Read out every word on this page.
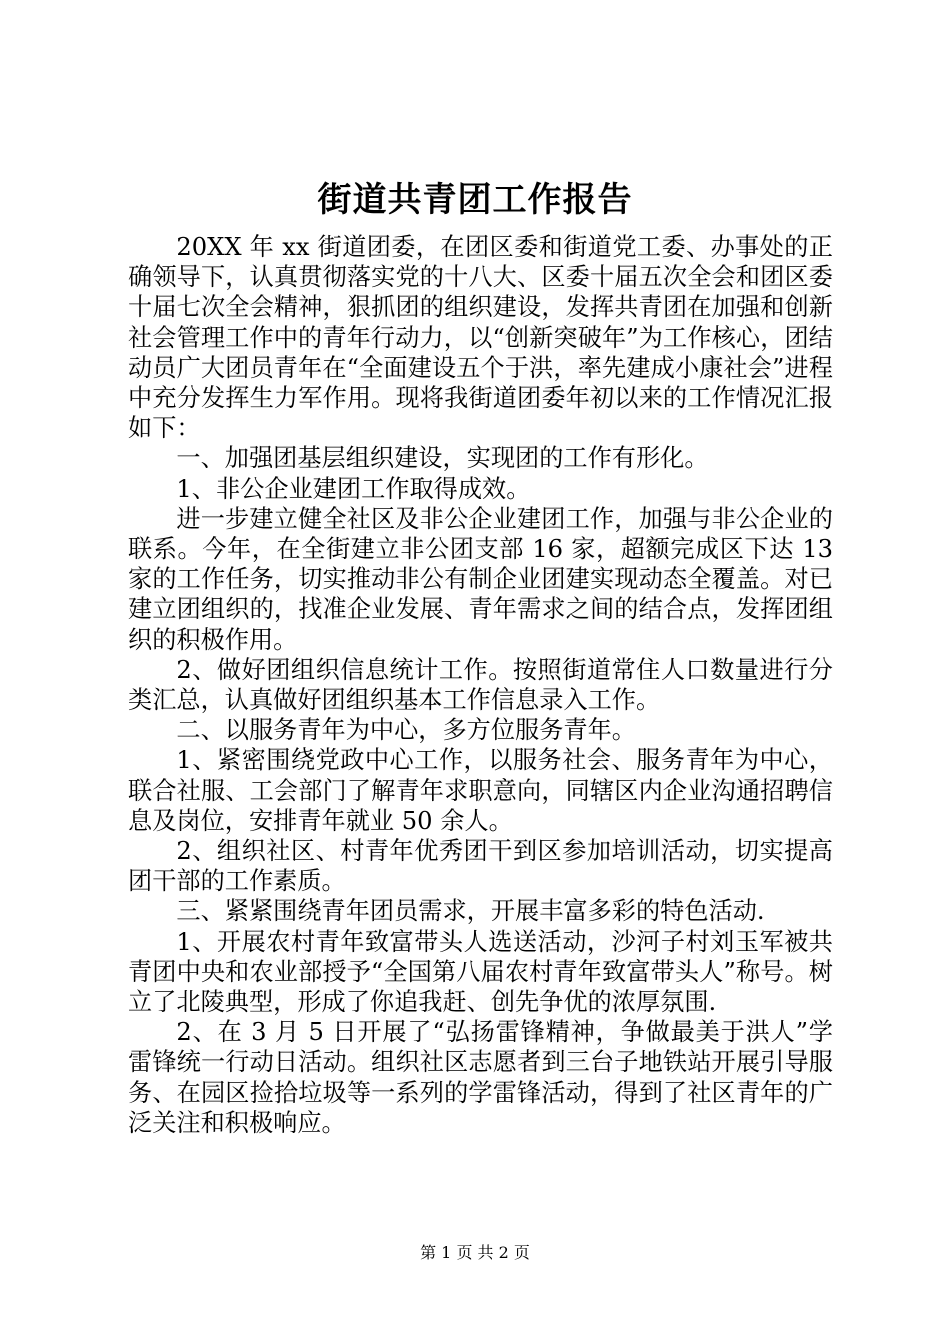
街道共青团工作报告

20XX 年 xx 街道团委，在团区委和街道党工委、办事处的正确领导下，认真贯彻落实党的十八大、区委十届五次全会和团区委十届七次全会精神，狠抓团的组织建设，发挥共青团在加强和创新社会管理工作中的青年行动力，以“创新突破年”为工作核心，团结动员广大团员青年在“全面建设五个于洪，率先建成小康社会”进程中充分发挥生力军作用。现将我街道团委年初以来的工作情况汇报如下：

一、加强团基层组织建设，实现团的工作有形化。

1、非公企业建团工作取得成效。

进一步建立健全社区及非公企业建团工作，加强与非公企业的联系。今年，在全街建立非公团支部 16 家，超额完成区下达 13 家的工作任务，切实推动非公有制企业团建实现动态全覆盖。对已建立团组织的，找准企业发展、青年需求之间的结合点，发挥团组织的积极作用。

2、做好团组织信息统计工作。按照街道常住人口数量进行分类汇总，认真做好团组织基本工作信息录入工作。

二、以服务青年为中心，多方位服务青年。

1、紧密围绕党政中心工作，以服务社会、服务青年为中心，联合社服、工会部门了解青年求职意向，同辖区内企业沟通招聘信息及岗位，安排青年就业 50 余人。

2、组织社区、村青年优秀团干到区参加培训活动，切实提高团干部的工作素质。

三、紧紧围绕青年团员需求，开展丰富多彩的特色活动.

1、开展农村青年致富带头人选送活动，沙河子村刘玉军被共青团中央和农业部授予“全国第八届农村青年致富带头人”称号。树立了北陵典型，形成了你追我赶、创先争优的浓厚氛围.

2、在 3 月 5 日开展了“弘扬雷锋精神，争做最美于洪人”学雷锋统一行动日活动。组织社区志愿者到三台子地铁站开展引导服务、在园区捡拾垃圾等一系列的学雷锋活动，得到了社区青年的广泛关注和积极响应。

第 1 页 共 2 页
